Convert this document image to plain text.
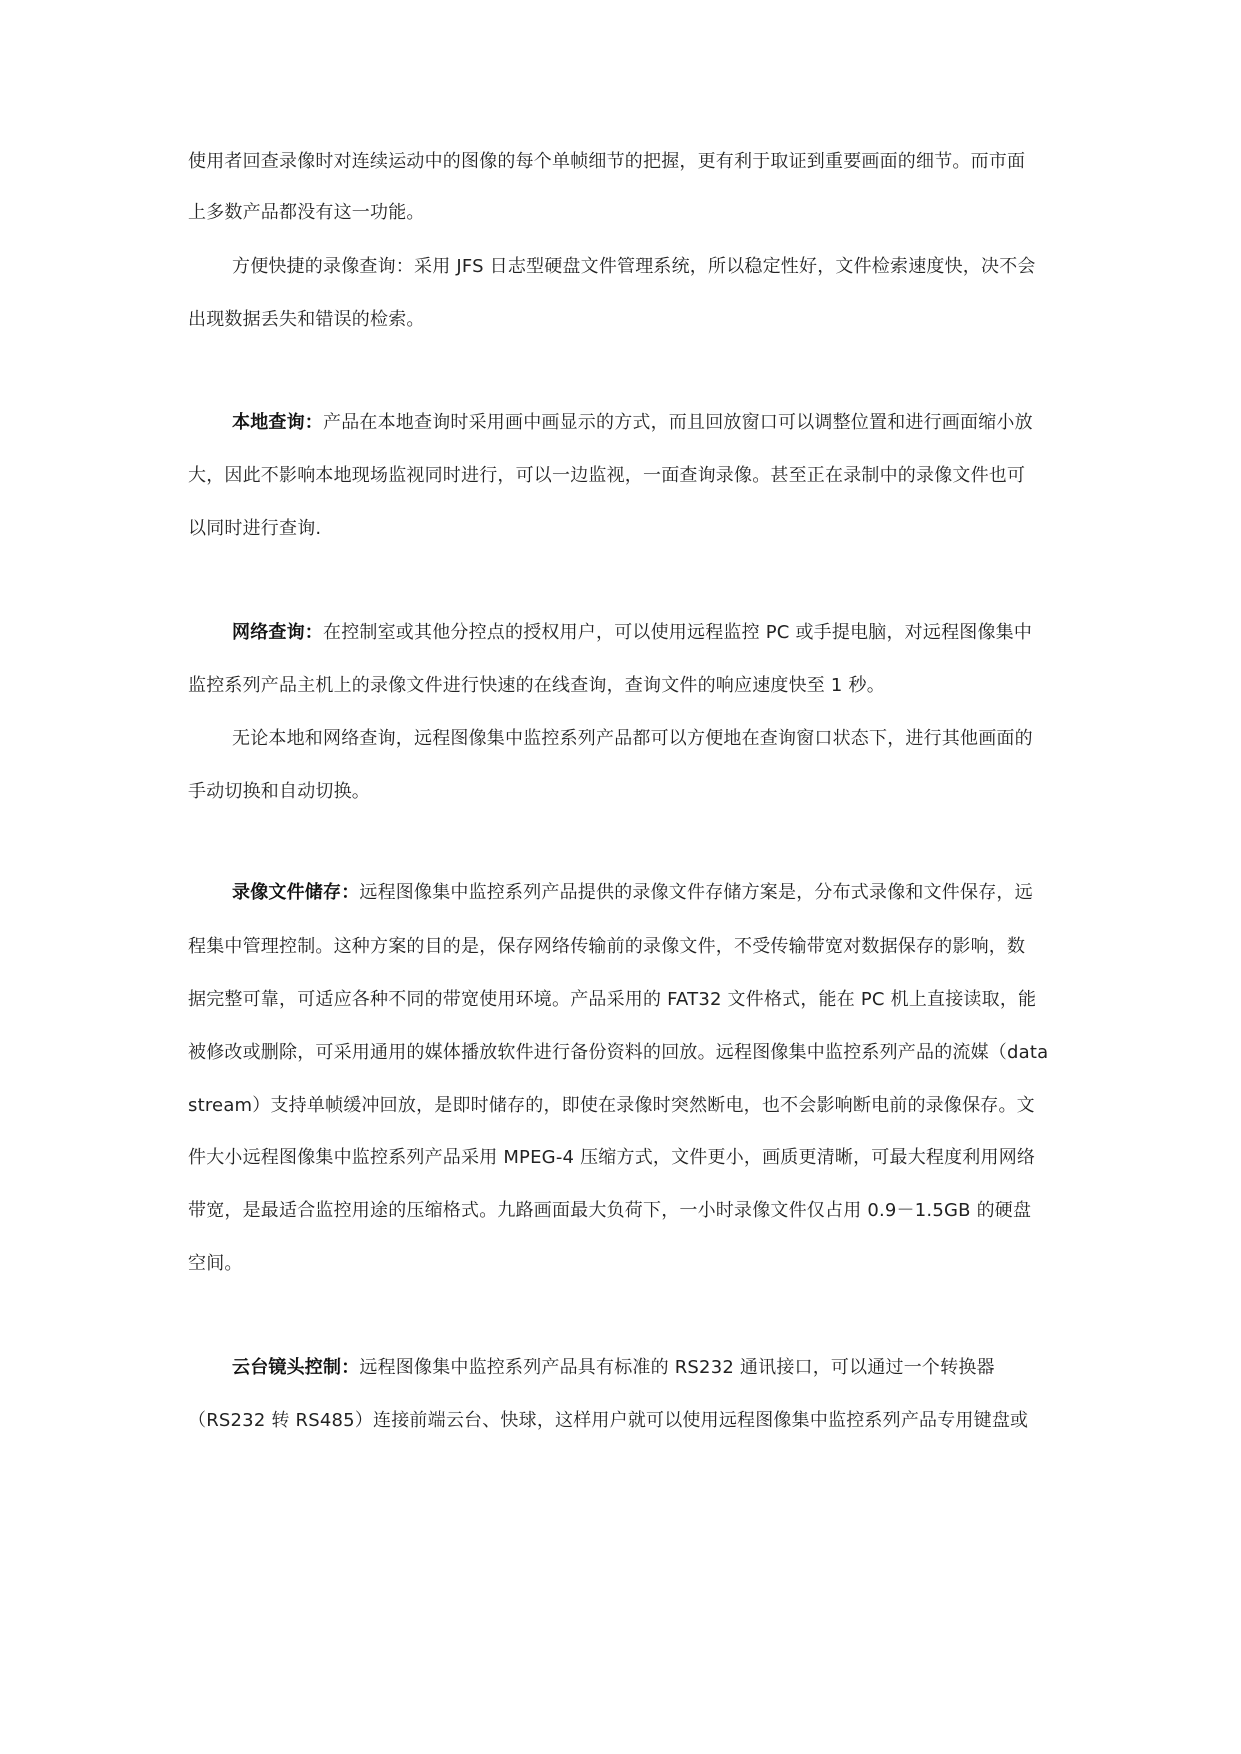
使用者回查录像时对连续运动中的图像的每个单帧细节的把握，更有利于取证到重要画面的细节。而市面
上多数产品都没有这一功能。
方便快捷的录像查询：采用 JFS 日志型硬盘文件管理系统，所以稳定性好，文件检索速度快，决不会
出现数据丢失和错误的检索。
本地查询：产品在本地查询时采用画中画显示的方式，而且回放窗口可以调整位置和进行画面缩小放
大，因此不影响本地现场监视同时进行，可以一边监视，一面查询录像。甚至正在录制中的录像文件也可
以同时进行查询.
网络查询：在控制室或其他分控点的授权用户，可以使用远程监控 PC 或手提电脑，对远程图像集中
监控系列产品主机上的录像文件进行快速的在线查询，查询文件的响应速度快至 1 秒。
无论本地和网络查询，远程图像集中监控系列产品都可以方便地在查询窗口状态下，进行其他画面的
手动切换和自动切换。
录像文件储存：远程图像集中监控系列产品提供的录像文件存储方案是，分布式录像和文件保存，远
程集中管理控制。这种方案的目的是，保存网络传输前的录像文件，不受传输带宽对数据保存的影响，数
据完整可靠，可适应各种不同的带宽使用环境。产品采用的 FAT32 文件格式，能在 PC 机上直接读取，能
被修改或删除，可采用通用的媒体播放软件进行备份资料的回放。远程图像集中监控系列产品的流媒（data
stream）支持单帧缓冲回放，是即时储存的，即使在录像时突然断电，也不会影响断电前的录像保存。文
件大小远程图像集中监控系列产品采用 MPEG-4 压缩方式，文件更小，画质更清晰，可最大程度利用网络
带宽，是最适合监控用途的压缩格式。九路画面最大负荷下，一小时录像文件仅占用 0.9－1.5GB 的硬盘
空间。
云台镜头控制：远程图像集中监控系列产品具有标准的 RS232 通讯接口，可以通过一个转换器
（RS232 转 RS485）连接前端云台、快球，这样用户就可以使用远程图像集中监控系列产品专用键盘或
